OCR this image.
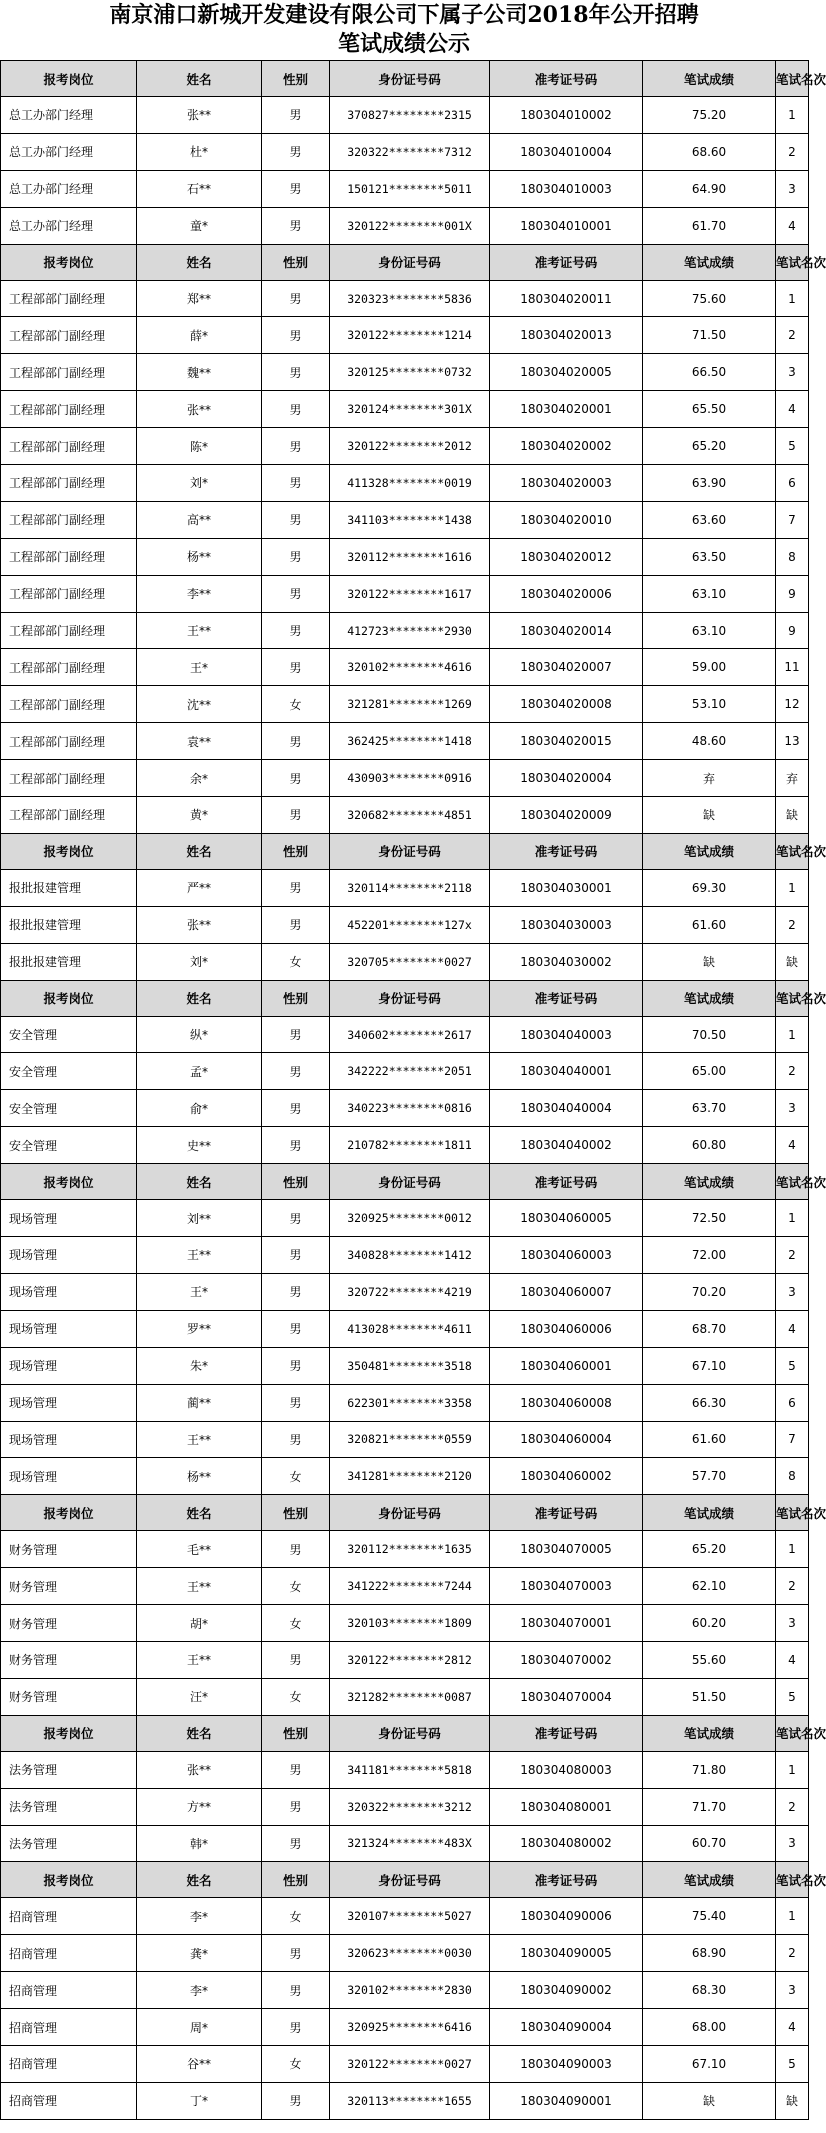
南京浦口新城开发建设有限公司下属子公司2018年公开招聘
笔试成绩公示
报考岗位	姓名	性别	身份证号码	准考证号码	笔试成绩	笔试名次
总工办部门经理	张**	男	370827********2315	180304010002	75.20	1
总工办部门经理	杜*	男	320322********7312	180304010004	68.60	2
总工办部门经理	石**	男	150121********5011	180304010003	64.90	3
总工办部门经理	童*	男	320122********001X	180304010001	61.70	4
报考岗位	姓名	性别	身份证号码	准考证号码	笔试成绩	笔试名次
工程部部门副经理	郑**	男	320323********5836	180304020011	75.60	1
工程部部门副经理	薛*	男	320122********1214	180304020013	71.50	2
工程部部门副经理	魏**	男	320125********0732	180304020005	66.50	3
工程部部门副经理	张**	男	320124********301X	180304020001	65.50	4
工程部部门副经理	陈*	男	320122********2012	180304020002	65.20	5
工程部部门副经理	刘*	男	411328********0019	180304020003	63.90	6
工程部部门副经理	高**	男	341103********1438	180304020010	63.60	7
工程部部门副经理	杨**	男	320112********1616	180304020012	63.50	8
工程部部门副经理	李**	男	320122********1617	180304020006	63.10	9
工程部部门副经理	王**	男	412723********2930	180304020014	63.10	9
工程部部门副经理	王*	男	320102********4616	180304020007	59.00	11
工程部部门副经理	沈**	女	321281********1269	180304020008	53.10	12
工程部部门副经理	袁**	男	362425********1418	180304020015	48.60	13
工程部部门副经理	余*	男	430903********0916	180304020004	弃	弃
工程部部门副经理	黄*	男	320682********4851	180304020009	缺	缺
报考岗位	姓名	性别	身份证号码	准考证号码	笔试成绩	笔试名次
报批报建管理	严**	男	320114********2118	180304030001	69.30	1
报批报建管理	张**	男	452201********127x	180304030003	61.60	2
报批报建管理	刘*	女	320705********0027	180304030002	缺	缺
报考岗位	姓名	性别	身份证号码	准考证号码	笔试成绩	笔试名次
安全管理	纵*	男	340602********2617	180304040003	70.50	1
安全管理	孟*	男	342222********2051	180304040001	65.00	2
安全管理	俞*	男	340223********0816	180304040004	63.70	3
安全管理	史**	男	210782********1811	180304040002	60.80	4
报考岗位	姓名	性别	身份证号码	准考证号码	笔试成绩	笔试名次
现场管理	刘**	男	320925********0012	180304060005	72.50	1
现场管理	王**	男	340828********1412	180304060003	72.00	2
现场管理	王*	男	320722********4219	180304060007	70.20	3
现场管理	罗**	男	413028********4611	180304060006	68.70	4
现场管理	朱*	男	350481********3518	180304060001	67.10	5
现场管理	蔺**	男	622301********3358	180304060008	66.30	6
现场管理	王**	男	320821********0559	180304060004	61.60	7
现场管理	杨**	女	341281********2120	180304060002	57.70	8
报考岗位	姓名	性别	身份证号码	准考证号码	笔试成绩	笔试名次
财务管理	毛**	男	320112********1635	180304070005	65.20	1
财务管理	王**	女	341222********7244	180304070003	62.10	2
财务管理	胡*	女	320103********1809	180304070001	60.20	3
财务管理	王**	男	320122********2812	180304070002	55.60	4
财务管理	汪*	女	321282********0087	180304070004	51.50	5
报考岗位	姓名	性别	身份证号码	准考证号码	笔试成绩	笔试名次
法务管理	张**	男	341181********5818	180304080003	71.80	1
法务管理	方**	男	320322********3212	180304080001	71.70	2
法务管理	韩*	男	321324********483X	180304080002	60.70	3
报考岗位	姓名	性别	身份证号码	准考证号码	笔试成绩	笔试名次
招商管理	李*	女	320107********5027	180304090006	75.40	1
招商管理	龚*	男	320623********0030	180304090005	68.90	2
招商管理	李*	男	320102********2830	180304090002	68.30	3
招商管理	周*	男	320925********6416	180304090004	68.00	4
招商管理	谷**	女	320122********0027	180304090003	67.10	5
招商管理	丁*	男	320113********1655	180304090001	缺	缺
